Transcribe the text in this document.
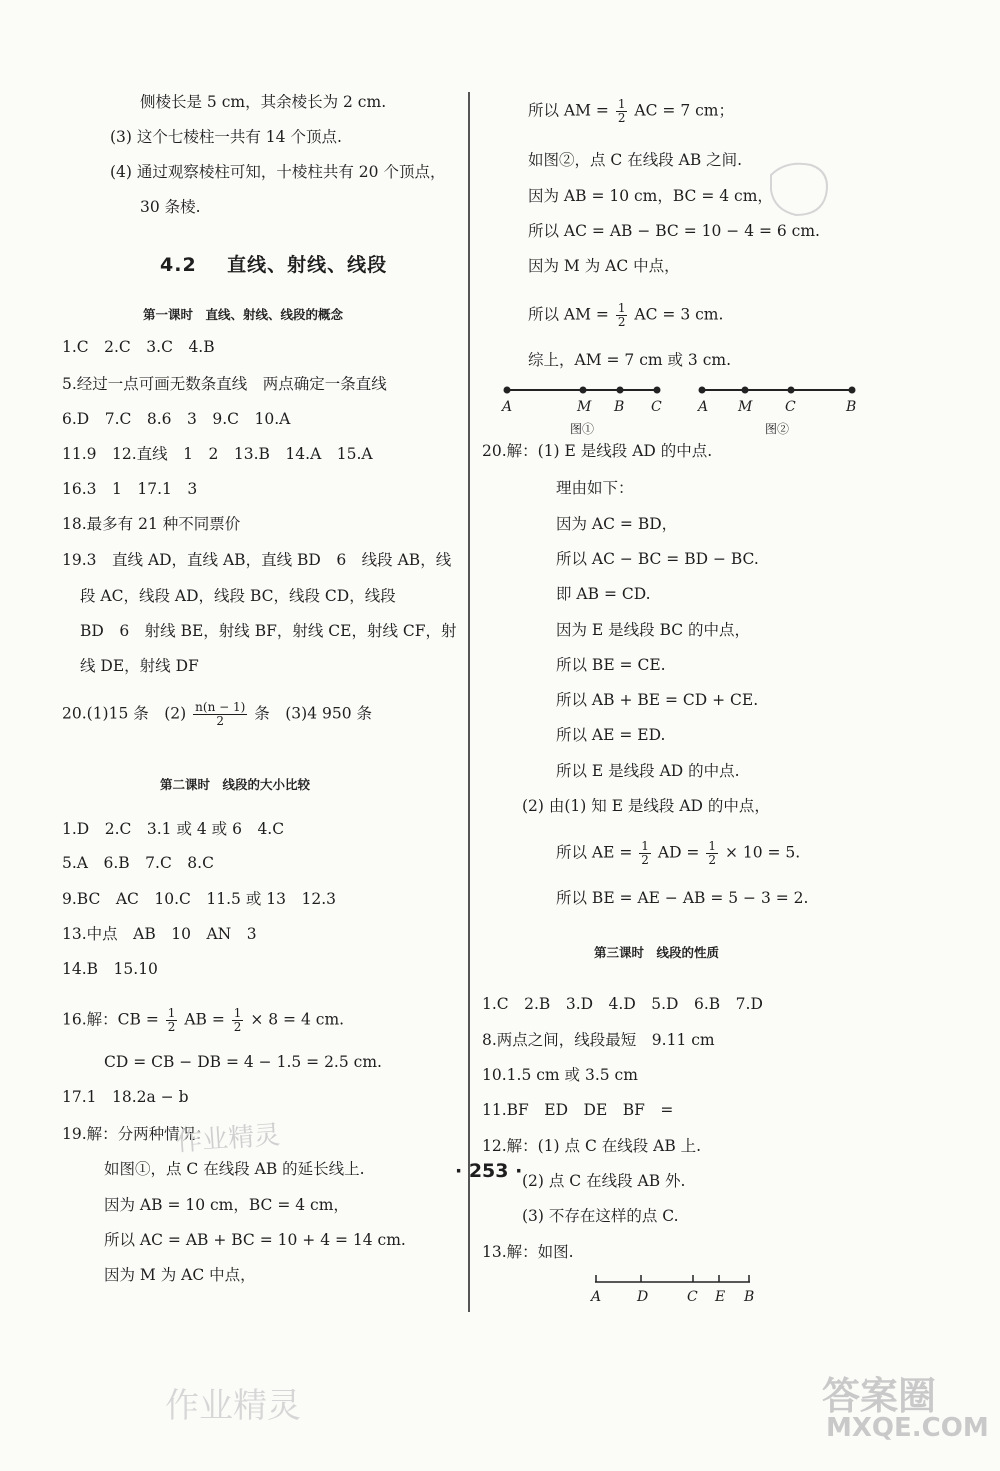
侧棱长是 5 cm，其余棱长为 2 cm.
(3) 这个七棱柱一共有 14 个顶点.
(4) 通过观察棱柱可知，十棱柱共有 20 个顶点，
30 条棱.
4.2 直线、射线、线段
第一课时　直线、射线、线段的概念
1.C　2.C　3.C　4.B
5.经过一点可画无数条直线　两点确定一条直线
6.D　7.C　8.6　3　9.C　10.A
11.9　12.直线　1　2　13.B　14.A　15.A
16.3　1　17.1　3
18.最多有 21 种不同票价
19.3　直线 AD，直线 AB，直线 BD　6　线段 AB，线
段 AC，线段 AD，线段 BC，线段 CD，线段
BD　6　射线 BE，射线 BF，射线 CE，射线 CF，射
线 DE，射线 DF
20.(1)15 条　$(2) \frac{n(n - 1)}{2}$ 条　(3)4 950 条
第二课时　线段的大小比较
1.D　2.C　3.1 或 4 或 6　4.C
5.A　6.B　7.C　8.C
9.BC　AC　10.C　11.5 或 13　12.3
13.中点　AB　10　AN　3
14.B　15.10
16.解：CB = $\frac{1}{2}$ AB = $\frac{1}{2} \times 8 = 4$ cm.
CD = CB − DB = 4 − 1.5 = 2.5 cm.
17.1　18.2a − b
19.解：分两种情况：
如图①，点 C 在线段 AB 的延长线上.
因为 AB = 10 cm，BC = 4 cm，
所以 AC = AB + BC = 10 + 4 = 14 cm.
因为 M 为 AC 中点，
所以 AM = $\frac{1}{2}$ AC = 7 cm；
如图②，点 C 在线段 AB 之间.
因为 AB = 10 cm，BC = 4 cm，
所以 AC = AB − BC = 10 − 4 = 6 cm.
因为 M 为 AC 中点，
所以 AM = $\frac{1}{2}$ AC = 3 cm.
综上，AM = 7 cm 或 3 cm.
A	M B C
图①
A M C	B
图②
20.解：(1) E 是线段 AD 的中点.
理由如下：
因为 AC = BD，
所以 AC − BC = BD − BC.
即 AB = CD.
因为 E 是线段 BC 的中点，
所以 BE = CE.
所以 AB + BE = CD + CE.
所以 AE = ED.
所以 E 是线段 AD 的中点.
(2) 由(1) 知 E 是线段 AD 的中点，
所以 AE = $\frac{1}{2}$ AD = $\frac{1}{2} \times 10 = 5$.
所以 BE = AE − AB = 5 − 3 = 2.
第三课时　线段的性质
1.C　2.B　3.D　4.D　5.D　6.B　7.D
8.两点之间，线段最短　9.11 cm
10.1.5 cm 或 3.5 cm
11.BF　ED　DE　BF　=
12.解：(1) 点 C 在线段 AB 上.
(2) 点 C 在线段 AB 外.
(3) 不存在这样的点 C.
13.解：如图.
A	D	C E B
· 253 ·
作业精灵
作业精灵	答案圈
MXQE.COM
